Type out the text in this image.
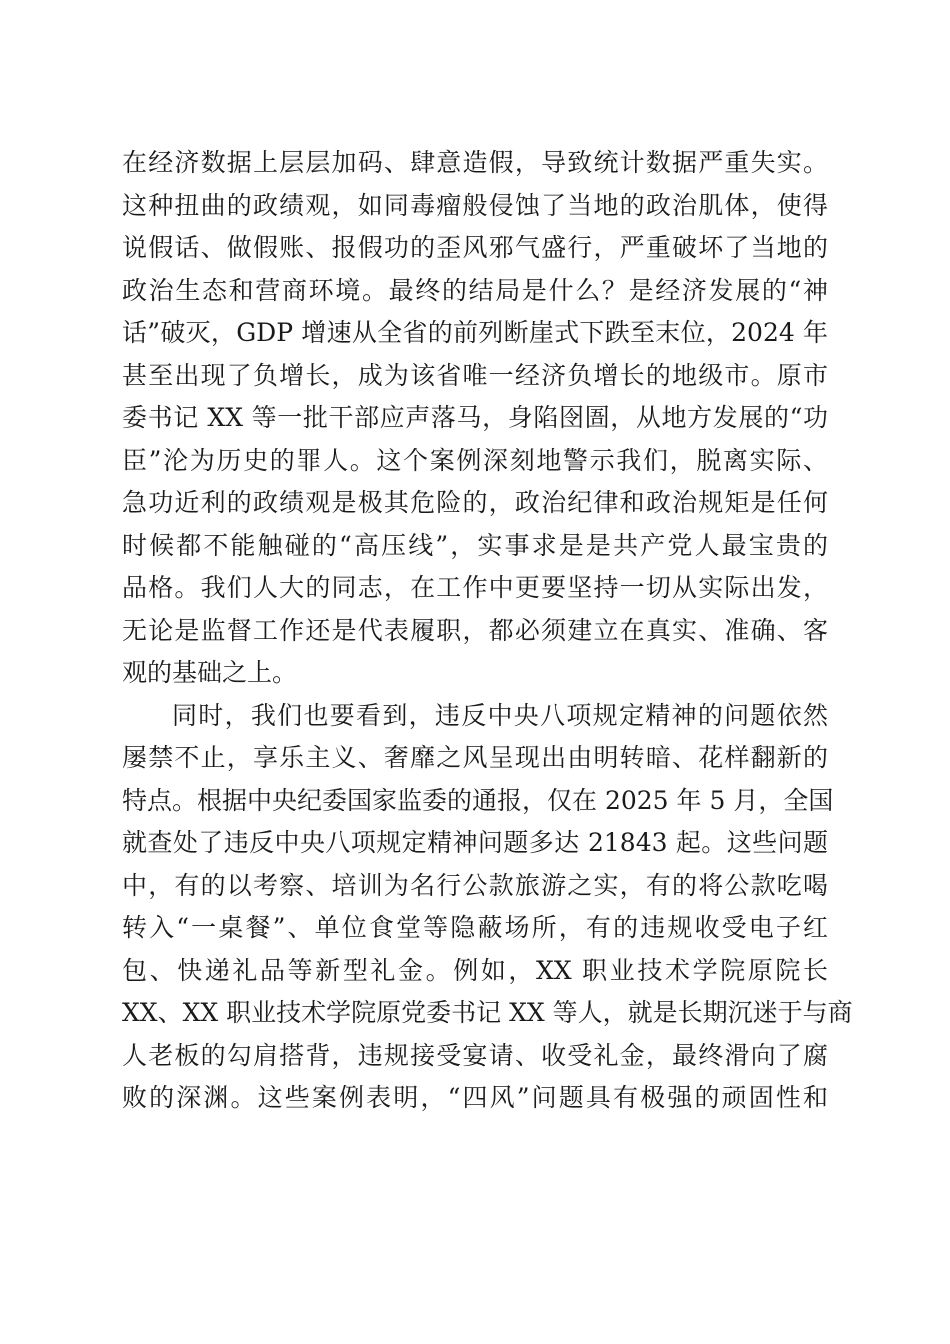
在经济数据上层层加码、肆意造假，导致统计数据严重失实。
这种扭曲的政绩观，如同毒瘤般侵蚀了当地的政治肌体，使得
说假话、做假账、报假功的歪风邪气盛行，严重破坏了当地的
政治生态和营商环境。最终的结局是什么？是经济发展的“神
话”破灭，GDP 增速从全省的前列断崖式下跌至末位，2024 年
甚至出现了负增长，成为该省唯一经济负增长的地级市。原市
委书记 XX 等一批干部应声落马，身陷囹圄，从地方发展的“功
臣”沦为历史的罪人。这个案例深刻地警示我们，脱离实际、
急功近利的政绩观是极其危险的，政治纪律和政治规矩是任何
时候都不能触碰的“高压线”，实事求是是共产党人最宝贵的
品格。我们人大的同志，在工作中更要坚持一切从实际出发，
无论是监督工作还是代表履职，都必须建立在真实、准确、客
观的基础之上。
同时，我们也要看到，违反中央八项规定精神的问题依然
屡禁不止，享乐主义、奢靡之风呈现出由明转暗、花样翻新的
特点。根据中央纪委国家监委的通报，仅在 2025 年 5 月，全国
就查处了违反中央八项规定精神问题多达 21843 起。这些问题
中，有的以考察、培训为名行公款旅游之实，有的将公款吃喝
转入“一桌餐”、单位食堂等隐蔽场所，有的违规收受电子红
包、快递礼品等新型礼金。例如，XX 职业技术学院原院长
XX、XX 职业技术学院原党委书记 XX 等人，就是长期沉迷于与商
人老板的勾肩搭背，违规接受宴请、收受礼金，最终滑向了腐
败的深渊。这些案例表明，“四风”问题具有极强的顽固性和
